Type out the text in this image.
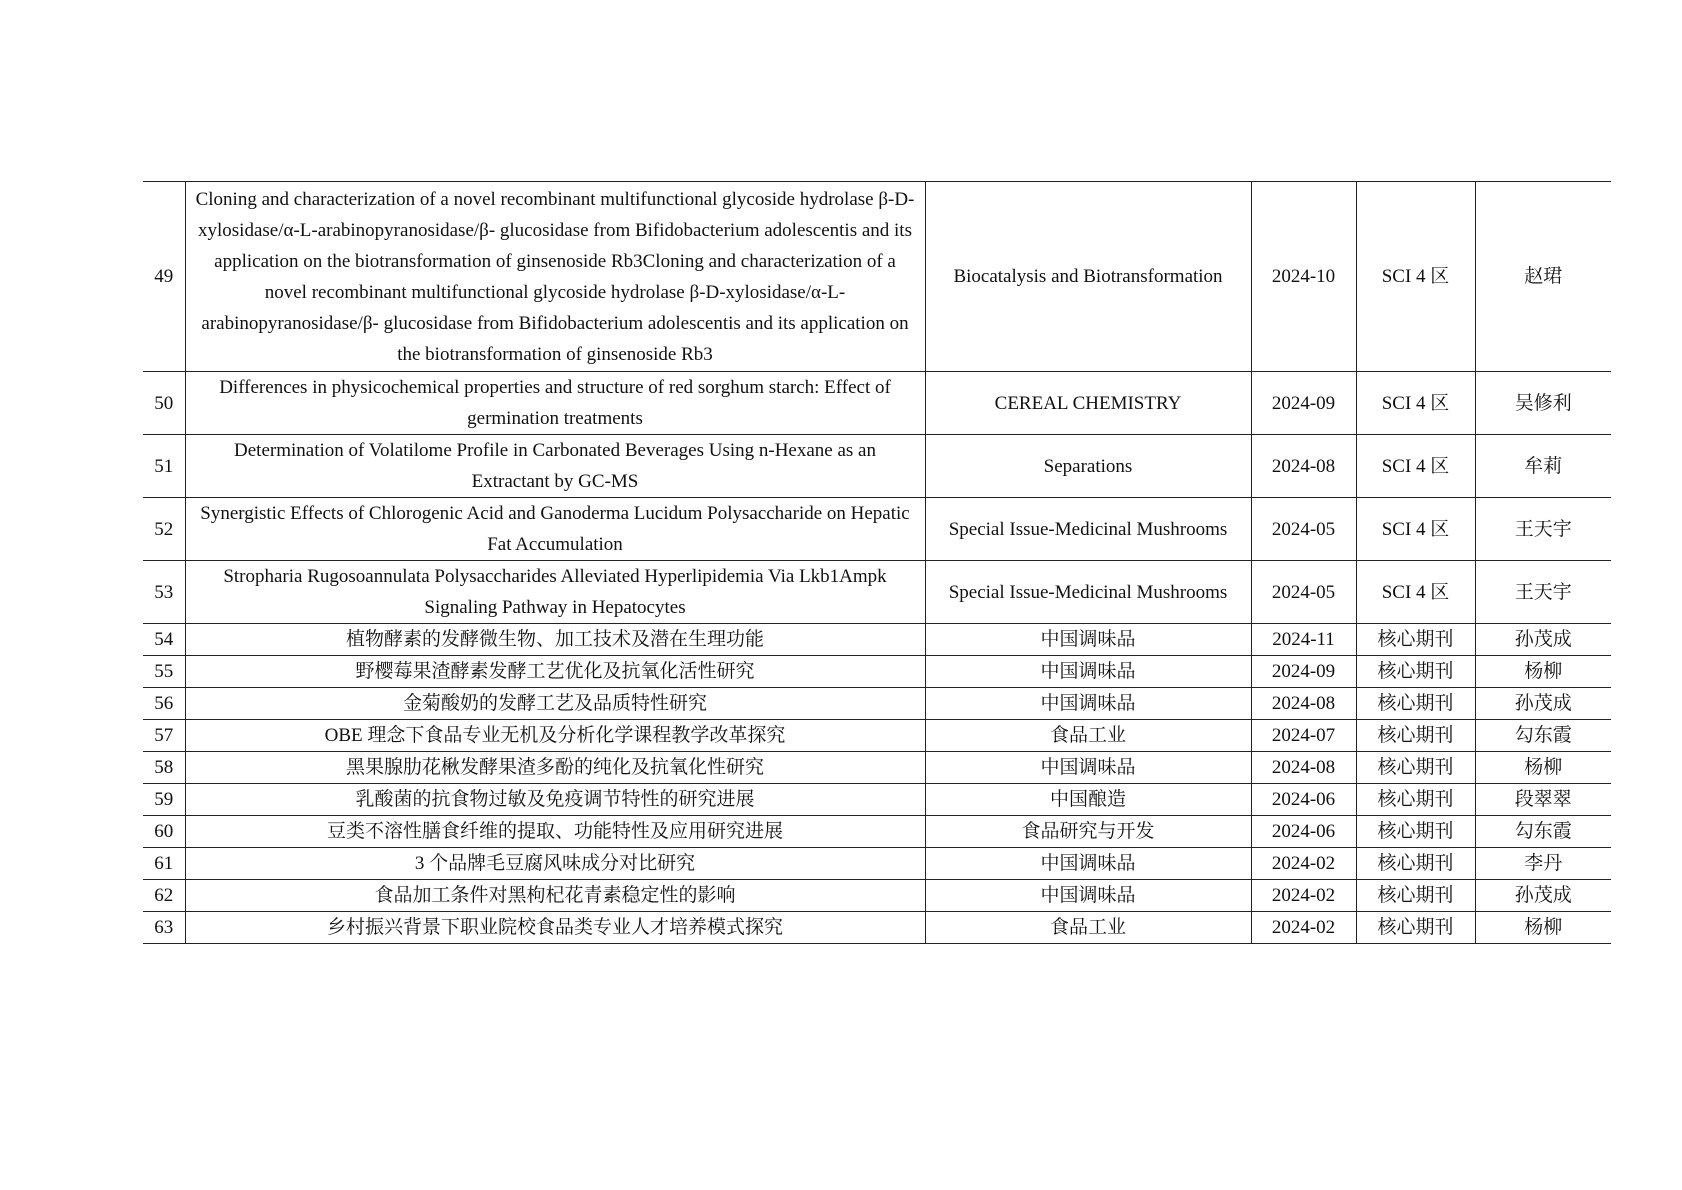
49	Cloning and characterization of a novel recombinant multifunctional glycoside hydrolase β-D-xylosidase/α-L-arabinopyranosidase/β- glucosidase from Bifidobacterium adolescentis and its application on the biotransformation of ginsenoside Rb3Cloning and characterization of a novel recombinant multifunctional glycoside hydrolase β-D-xylosidase/α-L-arabinopyranosidase/β- glucosidase from Bifidobacterium adolescentis and its application on the biotransformation of ginsenoside Rb3	Biocatalysis and Biotransformation	2024-10	SCI 4 区	赵珺
50	Differences in physicochemical properties and structure of red sorghum starch: Effect of germination treatments	CEREAL CHEMISTRY	2024-09	SCI 4 区	吴修利
51	Determination of Volatilome Profile in Carbonated Beverages Using n-Hexane as an Extractant by GC-MS	Separations	2024-08	SCI 4 区	牟莉
52	Synergistic Effects of Chlorogenic Acid and Ganoderma Lucidum Polysaccharide on Hepatic Fat Accumulation	Special Issue-Medicinal Mushrooms	2024-05	SCI 4 区	王天宇
53	Stropharia Rugosoannulata Polysaccharides Alleviated Hyperlipidemia Via Lkb1Ampk Signaling Pathway in Hepatocytes	Special Issue-Medicinal Mushrooms	2024-05	SCI 4 区	王天宇
54	植物酵素的发酵微生物、加工技术及潜在生理功能	中国调味品	2024-11	核心期刊	孙茂成
55	野樱莓果渣酵素发酵工艺优化及抗氧化活性研究	中国调味品	2024-09	核心期刊	杨柳
56	金菊酸奶的发酵工艺及品质特性研究	中国调味品	2024-08	核心期刊	孙茂成
57	OBE 理念下食品专业无机及分析化学课程教学改革探究	食品工业	2024-07	核心期刊	勾东霞
58	黑果腺肋花楸发酵果渣多酚的纯化及抗氧化性研究	中国调味品	2024-08	核心期刊	杨柳
59	乳酸菌的抗食物过敏及免疫调节特性的研究进展	中国酿造	2024-06	核心期刊	段翠翠
60	豆类不溶性膳食纤维的提取、功能特性及应用研究进展	食品研究与开发	2024-06	核心期刊	勾东霞
61	3 个品牌毛豆腐风味成分对比研究	中国调味品	2024-02	核心期刊	李丹
62	食品加工条件对黑枸杞花青素稳定性的影响	中国调味品	2024-02	核心期刊	孙茂成
63	乡村振兴背景下职业院校食品类专业人才培养模式探究	食品工业	2024-02	核心期刊	杨柳
